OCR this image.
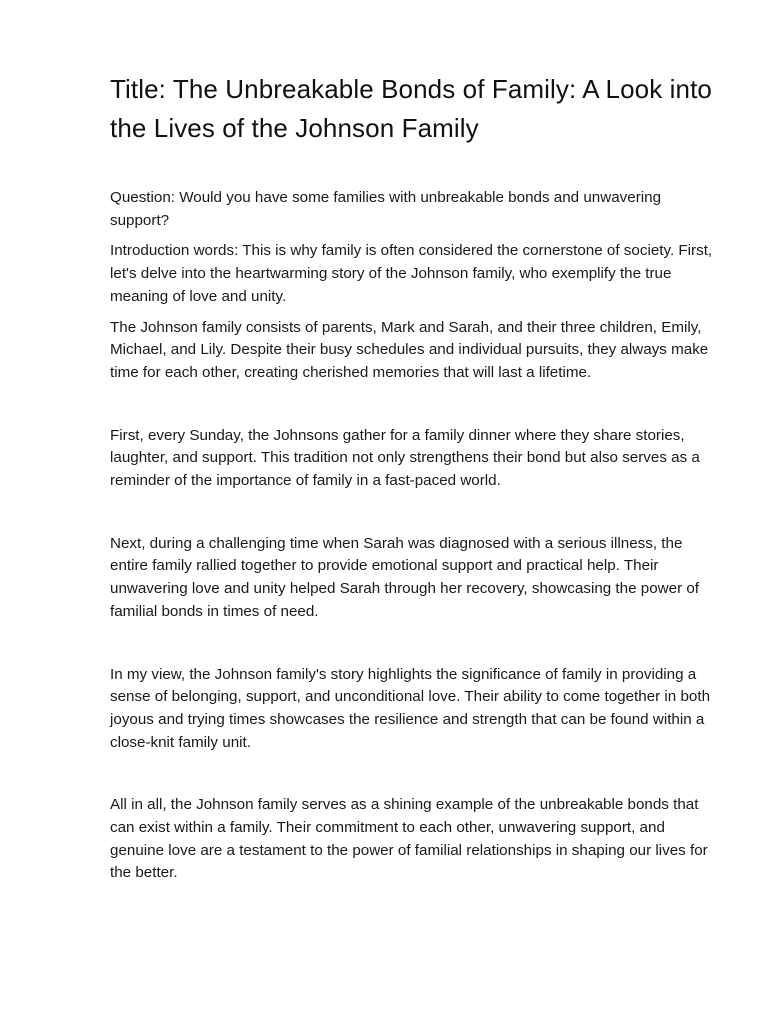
Title: The Unbreakable Bonds of Family: A Look into the Lives of the Johnson Family

Question: Would you have some families with unbreakable bonds and unwavering support?

Introduction words: This is why family is often considered the cornerstone of society. First, let's delve into the heartwarming story of the Johnson family, who exemplify the true meaning of love and unity.

The Johnson family consists of parents, Mark and Sarah, and their three children, Emily, Michael, and Lily. Despite their busy schedules and individual pursuits, they always make time for each other, creating cherished memories that will last a lifetime.

First, every Sunday, the Johnsons gather for a family dinner where they share stories, laughter, and support. This tradition not only strengthens their bond but also serves as a reminder of the importance of family in a fast-paced world.

Next, during a challenging time when Sarah was diagnosed with a serious illness, the entire family rallied together to provide emotional support and practical help. Their unwavering love and unity helped Sarah through her recovery, showcasing the power of familial bonds in times of need.

In my view, the Johnson family's story highlights the significance of family in providing a sense of belonging, support, and unconditional love. Their ability to come together in both joyous and trying times showcases the resilience and strength that can be found within a close-knit family unit.

All in all, the Johnson family serves as a shining example of the unbreakable bonds that can exist within a family. Their commitment to each other, unwavering support, and genuine love are a testament to the power of familial relationships in shaping our lives for the better.
